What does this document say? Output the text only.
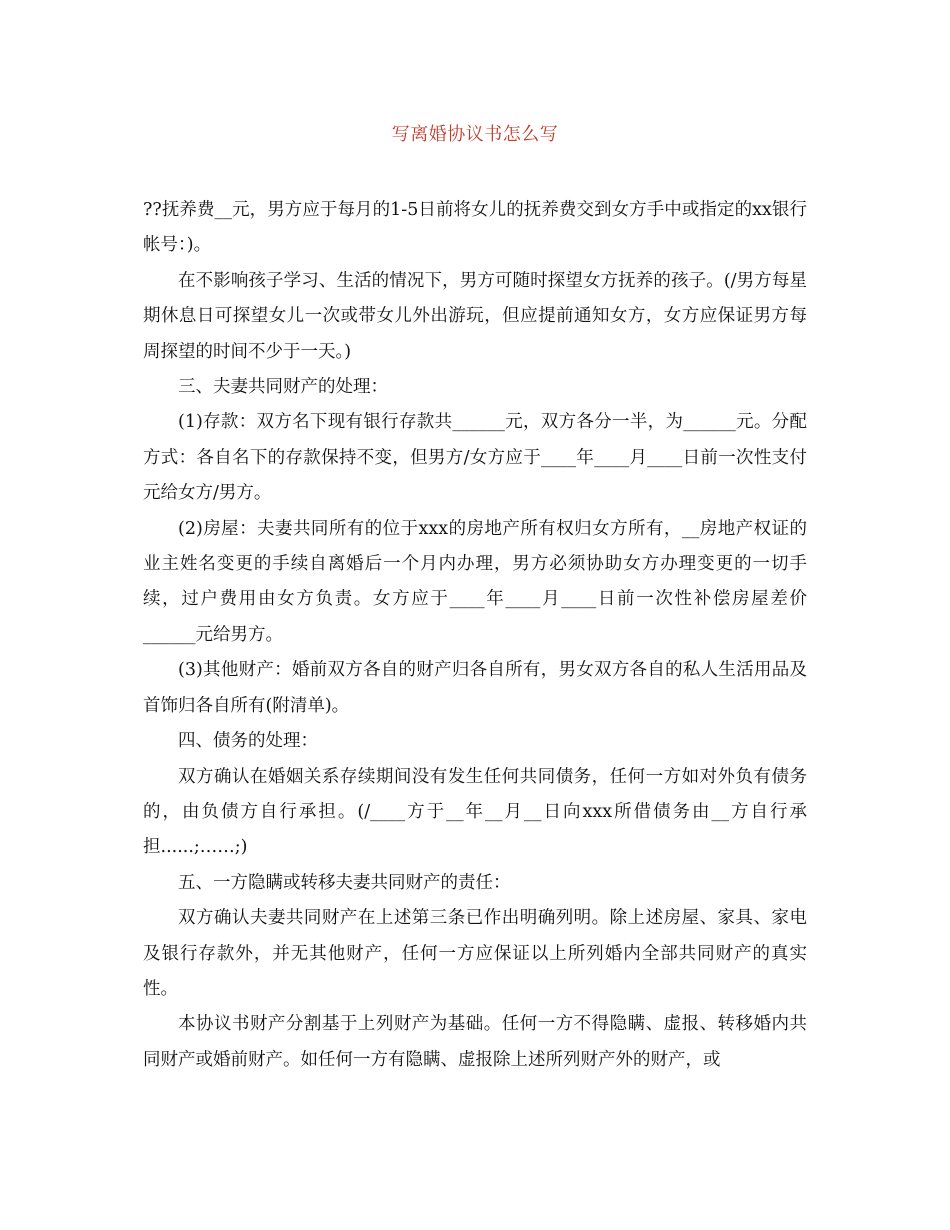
写离婚协议书怎么写

??抚养费__元，男方应于每月的1-5日前将女儿的抚养费交到女方手中或指定的xx银行帐号：)。

在不影响孩子学习、生活的情况下，男方可随时探望女方抚养的孩子。(/男方每星期休息日可探望女儿一次或带女儿外出游玩，但应提前通知女方，女方应保证男方每周探望的时间不少于一天。)

三、夫妻共同财产的处理：

(1)存款：双方名下现有银行存款共______元，双方各分一半，为______元。分配方式：各自名下的存款保持不变，但男方/女方应于____年____月____日前一次性支付 元给女方/男方。

(2)房屋：夫妻共同所有的位于xxx的房地产所有权归女方所有，__房地产权证的业主姓名变更的手续自离婚后一个月内办理，男方必须协助女方办理变更的一切手续，过户费用由女方负责。女方应于____年____月____日前一次性补偿房屋差价______元给男方。

(3)其他财产：婚前双方各自的财产归各自所有，男女双方各自的私人生活用品及首饰归各自所有(附清单)。

四、债务的处理：

双方确认在婚姻关系存续期间没有发生任何共同债务，任何一方如对外负有债务的，由负债方自行承担。(/____方于__年__月__日向xxx所借债务由__方自行承担......;……;)

五、一方隐瞒或转移夫妻共同财产的责任：

双方确认夫妻共同财产在上述第三条已作出明确列明。除上述房屋、家具、家电及银行存款外，并无其他财产，任何一方应保证以上所列婚内全部共同财产的真实性。

本协议书财产分割基于上列财产为基础。任何一方不得隐瞒、虚报、转移婚内共同财产或婚前财产。如任何一方有隐瞒、虚报除上述所列财产外的财产，或
